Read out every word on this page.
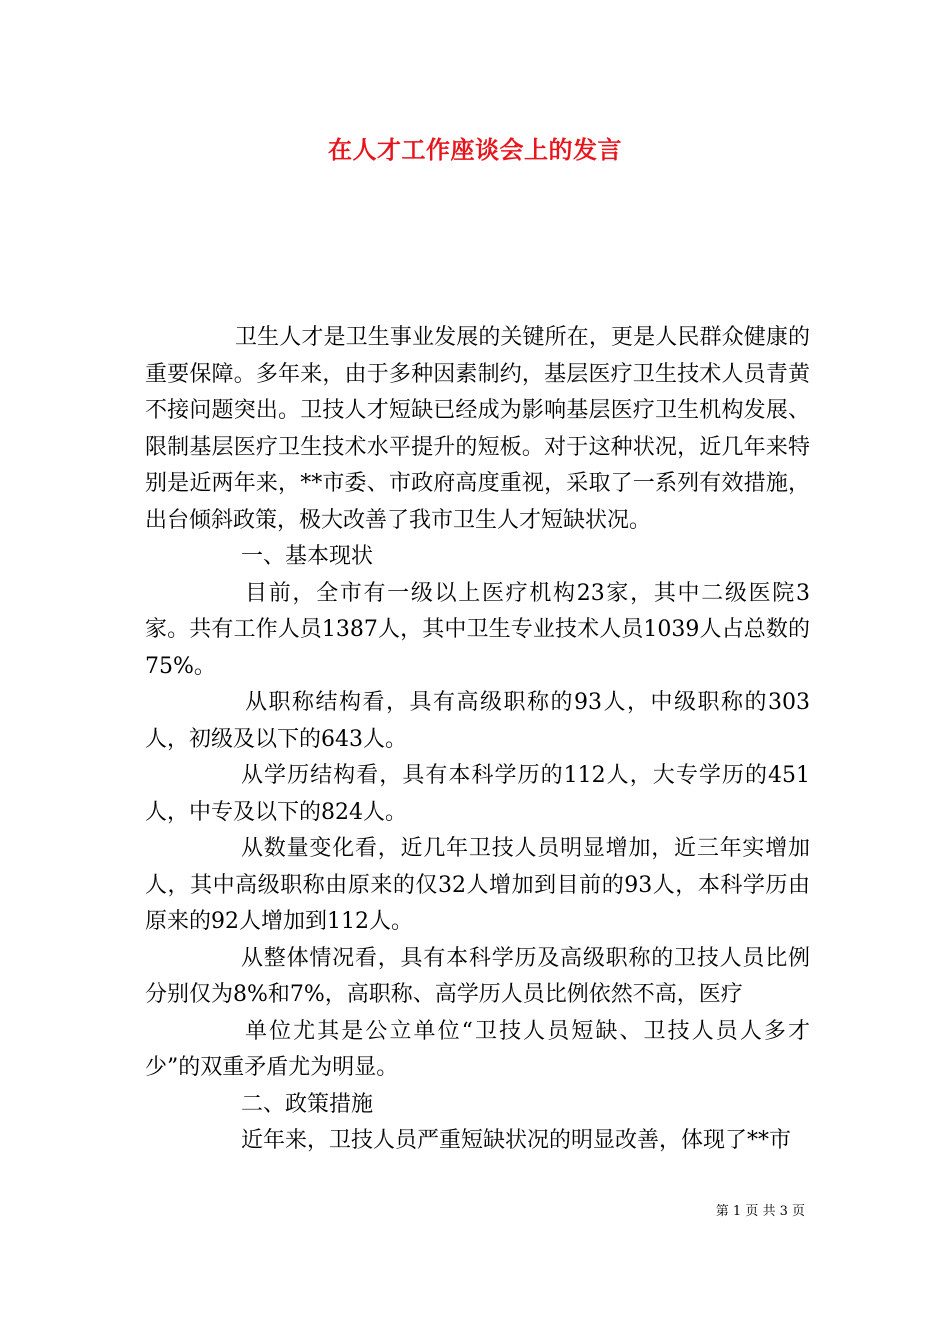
在人才工作座谈会上的发言

卫生人才是卫生事业发展的关键所在，更是人民群众健康的重要保障。多年来，由于多种因素制约，基层医疗卫生技术人员青黄不接问题突出。卫技人才短缺已经成为影响基层医疗卫生机构发展、限制基层医疗卫生技术水平提升的短板。对于这种状况，近几年来特别是近两年来，**市委、市政府高度重视，采取了一系列有效措施，出台倾斜政策，极大改善了我市卫生人才短缺状况。

一、基本现状

目前，全市有一级以上医疗机构23家，其中二级医院3家。共有工作人员1387人，其中卫生专业技术人员1039人占总数的75%。

从职称结构看，具有高级职称的93人，中级职称的303人，初级及以下的643人。

从学历结构看，具有本科学历的112人，大专学历的451人，中专及以下的824人。

从数量变化看，近几年卫技人员明显增加，近三年实增加人，其中高级职称由原来的仅32人增加到目前的93人，本科学历由原来的92人增加到112人。

从整体情况看，具有本科学历及高级职称的卫技人员比例分别仅为8%和7%，高职称、高学历人员比例依然不高，医疗

单位尤其是公立单位“卫技人员短缺、卫技人员人多才少”的双重矛盾尤为明显。

二、政策措施

近年来，卫技人员严重短缺状况的明显改善，体现了**市

第 1 页 共 3 页
